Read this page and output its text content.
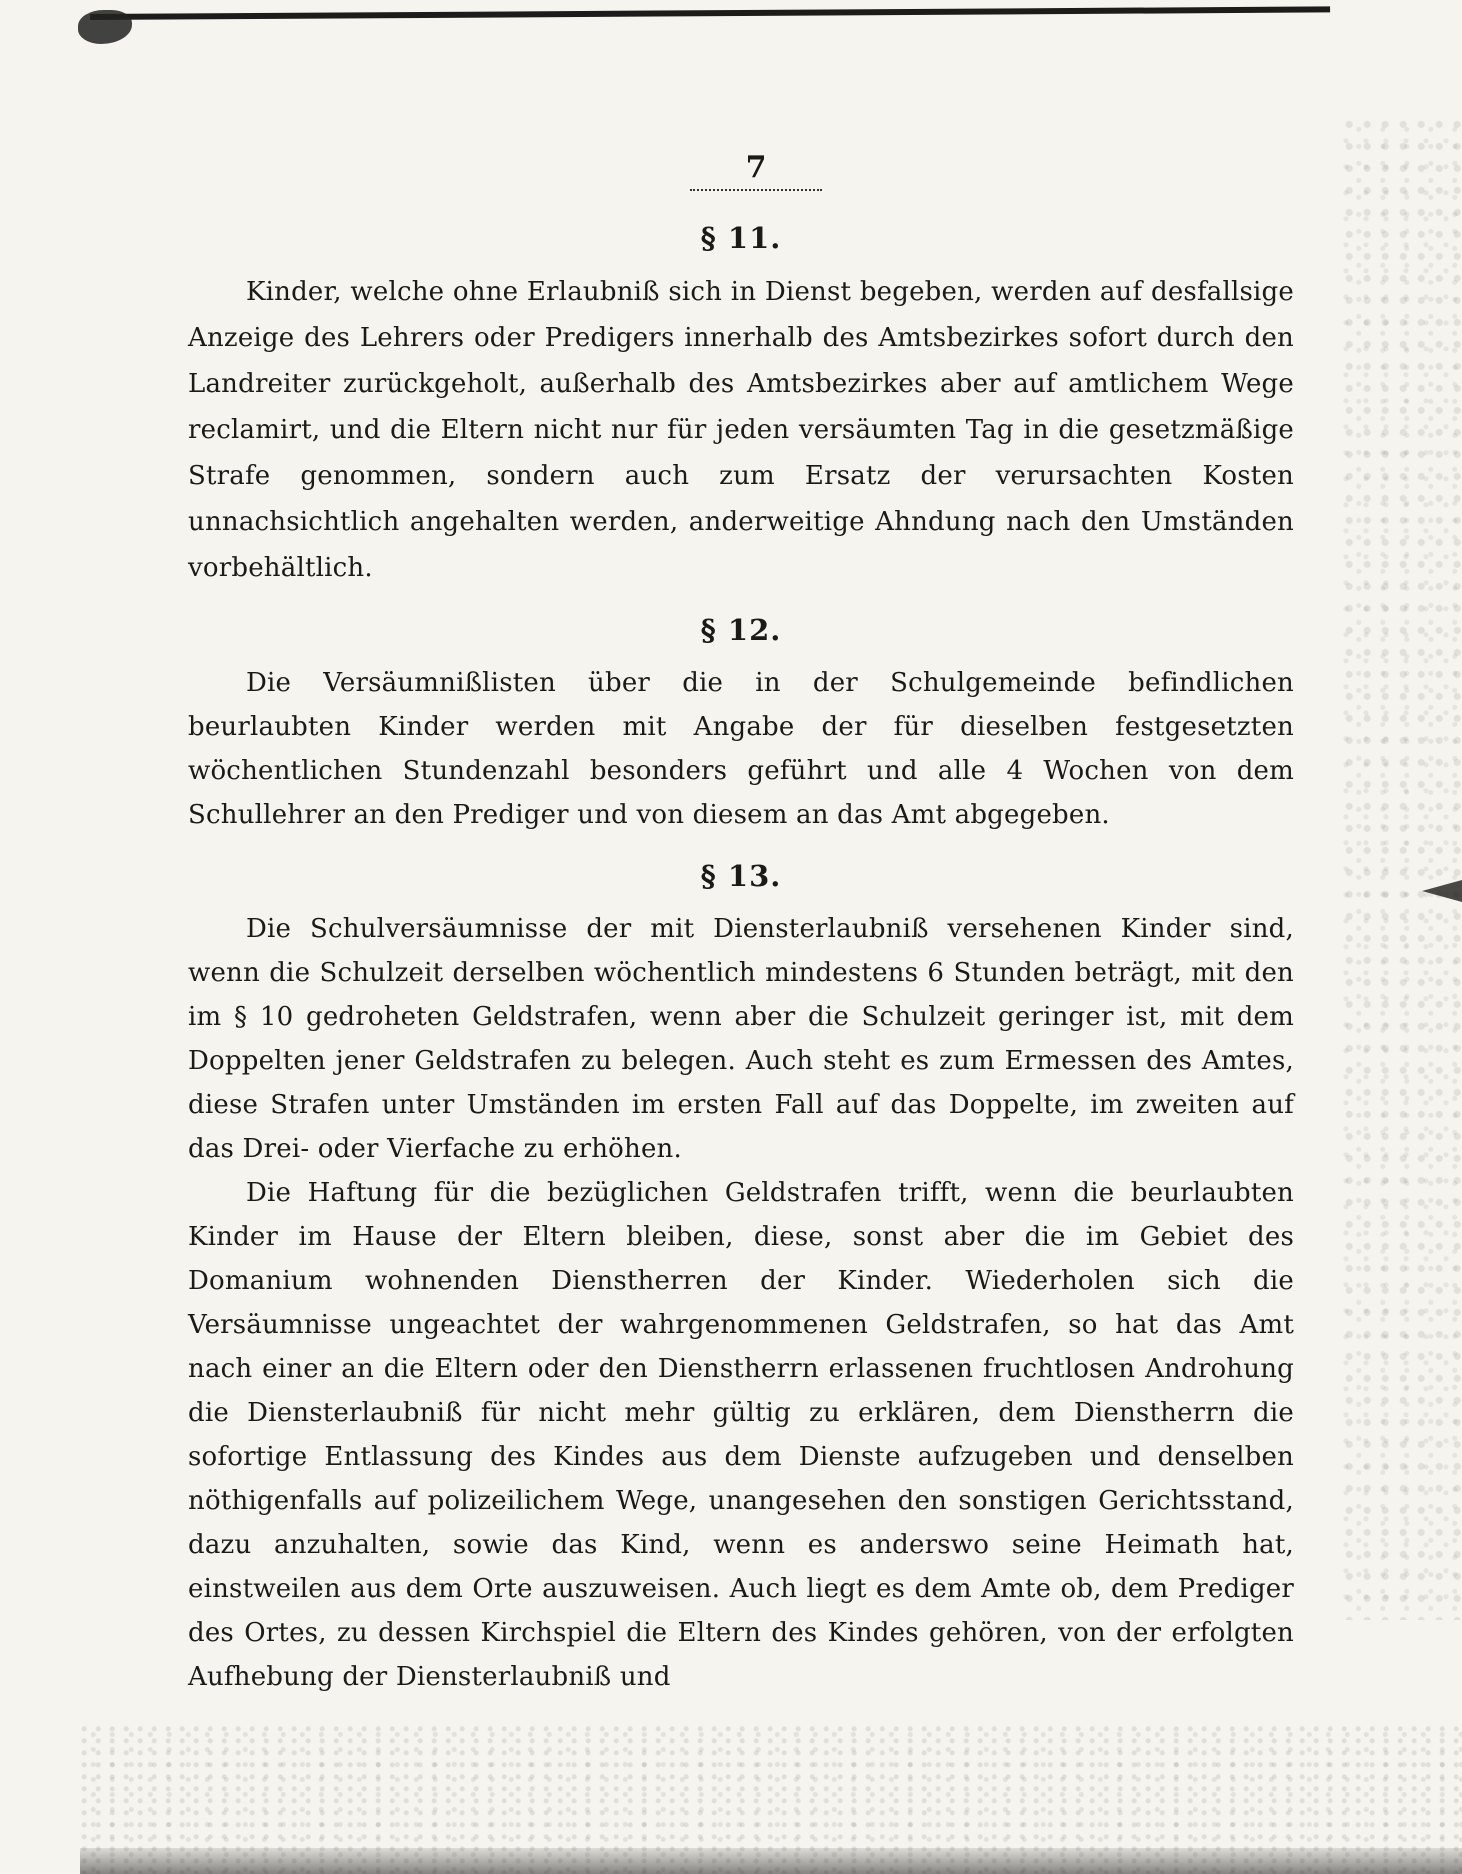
7
§ 11.

Kinder, welche ohne Erlaubniß sich in Dienst begeben, werden auf desfallsige Anzeige des Lehrers oder Predigers innerhalb des Amtsbezirkes sofort durch den Landreiter zurückgeholt, außerhalb des Amtsbezirkes aber auf amtlichem Wege reclamirt, und die Eltern nicht nur für jeden versäumten Tag in die gesetzmäßige Strafe genommen, sondern auch zum Ersatz der verursachten Kosten unnachsichtlich angehalten werden, anderweitige Ahndung nach den Umständen vorbehältlich.

§ 12.

Die Versäumnißlisten über die in der Schulgemeinde befindlichen beurlaubten Kinder werden mit Angabe der für dieselben festgesetzten wöchentlichen Stundenzahl besonders geführt und alle 4 Wochen von dem Schullehrer an den Prediger und von diesem an das Amt abgegeben.

§ 13.

Die Schulversäumnisse der mit Diensterlaubniß versehenen Kinder sind, wenn die Schulzeit derselben wöchentlich mindestens 6 Stunden beträgt, mit den im § 10 gedroheten Geldstrafen, wenn aber die Schulzeit geringer ist, mit dem Doppelten jener Geldstrafen zu belegen. Auch steht es zum Ermessen des Amtes, diese Strafen unter Umständen im ersten Fall auf das Doppelte, im zweiten auf das Drei- oder Vierfache zu erhöhen.

Die Haftung für die bezüglichen Geldstrafen trifft, wenn die beurlaubten Kinder im Hause der Eltern bleiben, diese, sonst aber die im Gebiet des Domanium wohnenden Dienstherren der Kinder. Wiederholen sich die Versäumnisse ungeachtet der wahrgenommenen Geldstrafen, so hat das Amt nach einer an die Eltern oder den Dienstherrn erlassenen fruchtlosen Androhung die Diensterlaubniß für nicht mehr gültig zu erklären, dem Dienstherrn die sofortige Entlassung des Kindes aus dem Dienste aufzugeben und denselben nöthigenfalls auf polizeilichem Wege, unangesehen den sonstigen Gerichtsstand, dazu anzuhalten, sowie das Kind, wenn es anderswo seine Heimath hat, einstweilen aus dem Orte auszuweisen. Auch liegt es dem Amte ob, dem Prediger des Ortes, zu dessen Kirchspiel die Eltern des Kindes gehören, von der erfolgten Aufhebung der Diensterlaubniß und
